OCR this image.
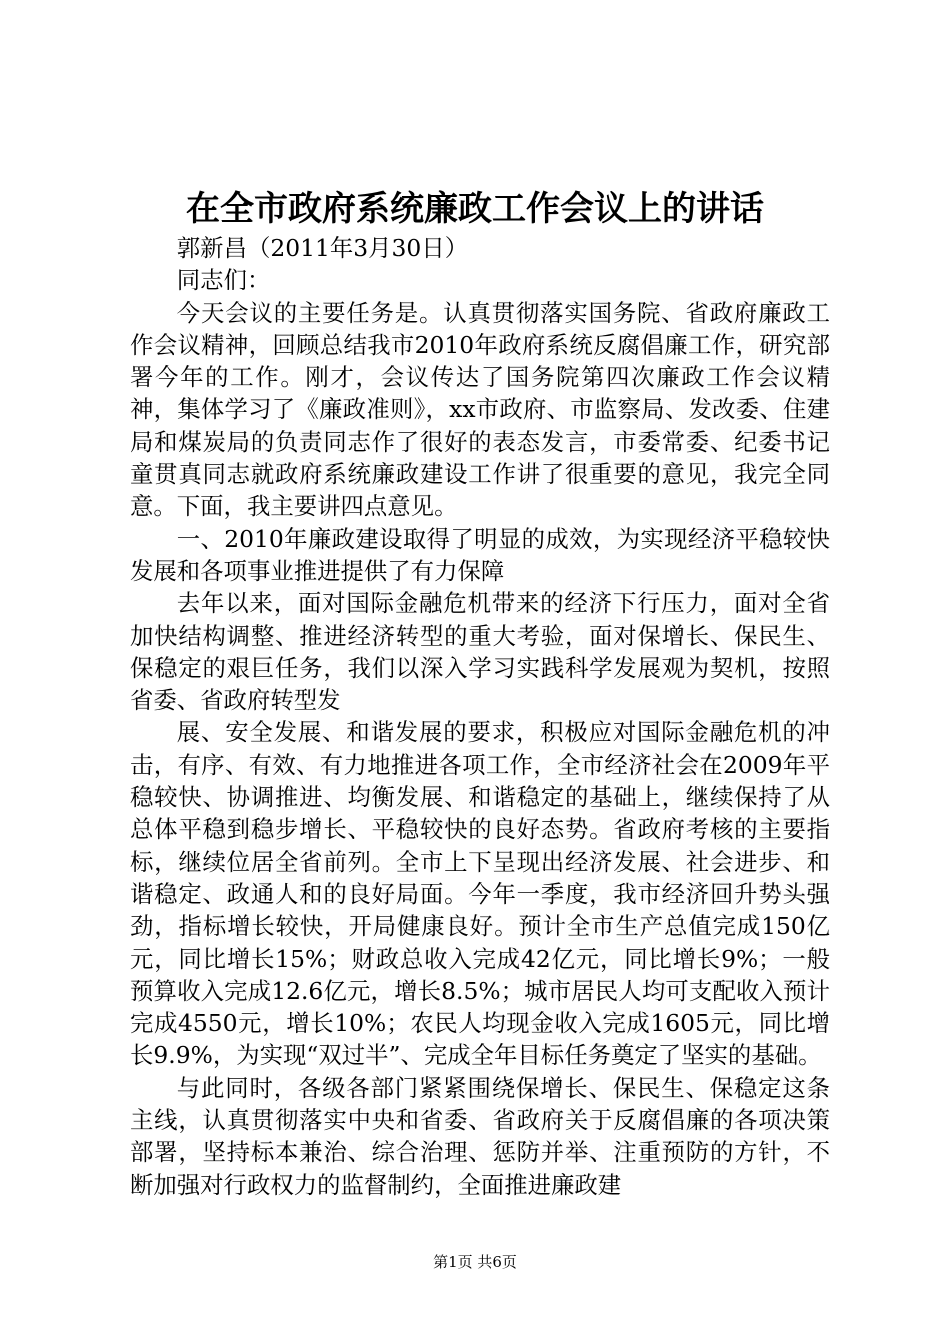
在全市政府系统廉政工作会议上的讲话

郭新昌（2011年3月30日）

同志们：

今天会议的主要任务是。认真贯彻落实国务院、省政府廉政工作会议精神，回顾总结我市2010年政府系统反腐倡廉工作，研究部署今年的工作。刚才，会议传达了国务院第四次廉政工作会议精神，集体学习了《廉政准则》，xx市政府、市监察局、发改委、住建局和煤炭局的负责同志作了很好的表态发言，市委常委、纪委书记童贯真同志就政府系统廉政建设工作讲了很重要的意见，我完全同意。下面，我主要讲四点意见。

一、2010年廉政建设取得了明显的成效，为实现经济平稳较快发展和各项事业推进提供了有力保障

去年以来，面对国际金融危机带来的经济下行压力，面对全省加快结构调整、推进经济转型的重大考验，面对保增长、保民生、保稳定的艰巨任务，我们以深入学习实践科学发展观为契机，按照省委、省政府转型发

展、安全发展、和谐发展的要求，积极应对国际金融危机的冲击，有序、有效、有力地推进各项工作，全市经济社会在2009年平稳较快、协调推进、均衡发展、和谐稳定的基础上，继续保持了从总体平稳到稳步增长、平稳较快的良好态势。省政府考核的主要指标，继续位居全省前列。全市上下呈现出经济发展、社会进步、和谐稳定、政通人和的良好局面。今年一季度，我市经济回升势头强劲，指标增长较快，开局健康良好。预计全市生产总值完成150亿元，同比增长15%；财政总收入完成42亿元，同比增长9%；一般预算收入完成12.6亿元，增长8.5%；城市居民人均可支配收入预计完成4550元，增长10%；农民人均现金收入完成1605元，同比增长9.9%，为实现“双过半”、完成全年目标任务奠定了坚实的基础。

与此同时，各级各部门紧紧围绕保增长、保民生、保稳定这条主线，认真贯彻落实中央和省委、省政府关于反腐倡廉的各项决策部署，坚持标本兼治、综合治理、惩防并举、注重预防的方针，不断加强对行政权力的监督制约，全面推进廉政建

第1页 共6页
